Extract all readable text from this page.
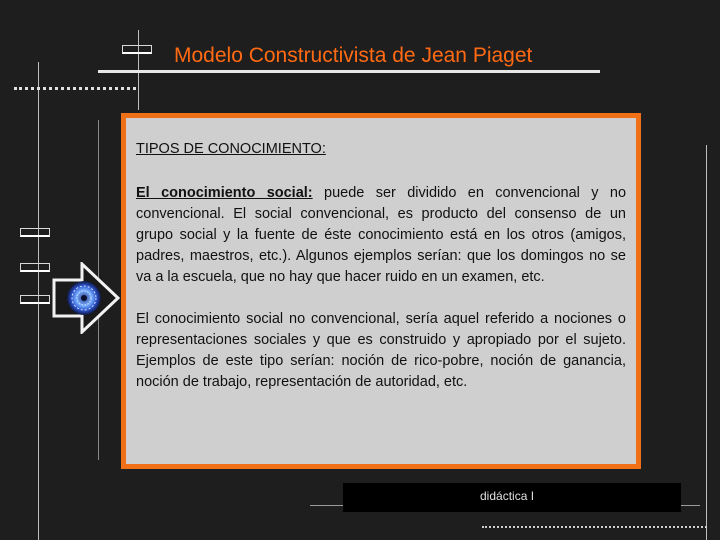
Modelo Constructivista de Jean Piaget

TIPOS DE CONOCIMIENTO:

El conocimiento social: puede ser dividido en convencional y no convencional. El social convencional, es producto del consenso de un grupo social y la fuente de éste conocimiento está en los otros (amigos, padres, maestros, etc.). Algunos ejemplos serían: que los domingos no se va a la escuela, que no hay que hacer ruido en un examen, etc.

El conocimiento social no convencional, sería aquel referido a nociones o representaciones sociales y que es construido y apropiado por el sujeto. Ejemplos de este tipo serían: noción de rico-pobre, noción de ganancia, noción de trabajo, representación de autoridad, etc.

didáctica I
